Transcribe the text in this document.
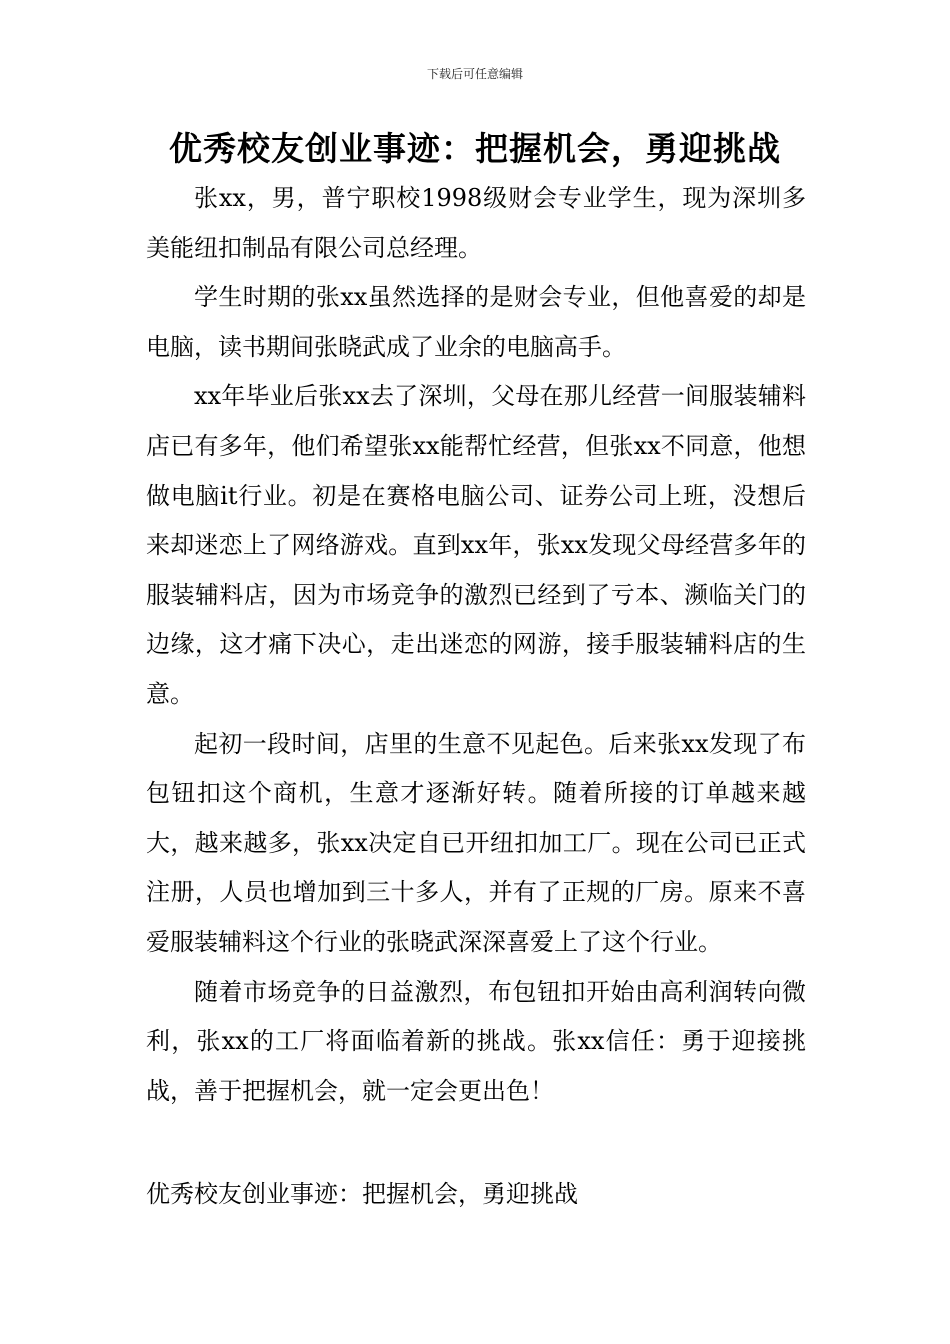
下载后可任意编辑
优秀校友创业事迹：把握机会，勇迎挑战

张xx，男，普宁职校1998级财会专业学生，现为深圳多美能纽扣制品有限公司总经理。

学生时期的张xx虽然选择的是财会专业，但他喜爱的却是电脑，读书期间张晓武成了业余的电脑高手。

xx年毕业后张xx去了深圳，父母在那儿经营一间服装辅料店已有多年，他们希望张xx能帮忙经营，但张xx不同意，他想做电脑it行业。初是在赛格电脑公司、证券公司上班，没想后来却迷恋上了网络游戏。直到xx年，张xx发现父母经营多年的服装辅料店，因为市场竞争的激烈已经到了亏本、濒临关门的边缘，这才痛下决心，走出迷恋的网游，接手服装辅料店的生意。

起初一段时间，店里的生意不见起色。后来张xx发现了布包钮扣这个商机，生意才逐渐好转。随着所接的订单越来越大，越来越多，张xx决定自已开纽扣加工厂。现在公司已正式注册，人员也增加到三十多人，并有了正规的厂房。原来不喜爱服装辅料这个行业的张晓武深深喜爱上了这个行业。

随着市场竞争的日益激烈，布包钮扣开始由高利润转向微利，张xx的工厂将面临着新的挑战。张xx信任：勇于迎接挑战，善于把握机会，就一定会更出色！

优秀校友创业事迹：把握机会，勇迎挑战
